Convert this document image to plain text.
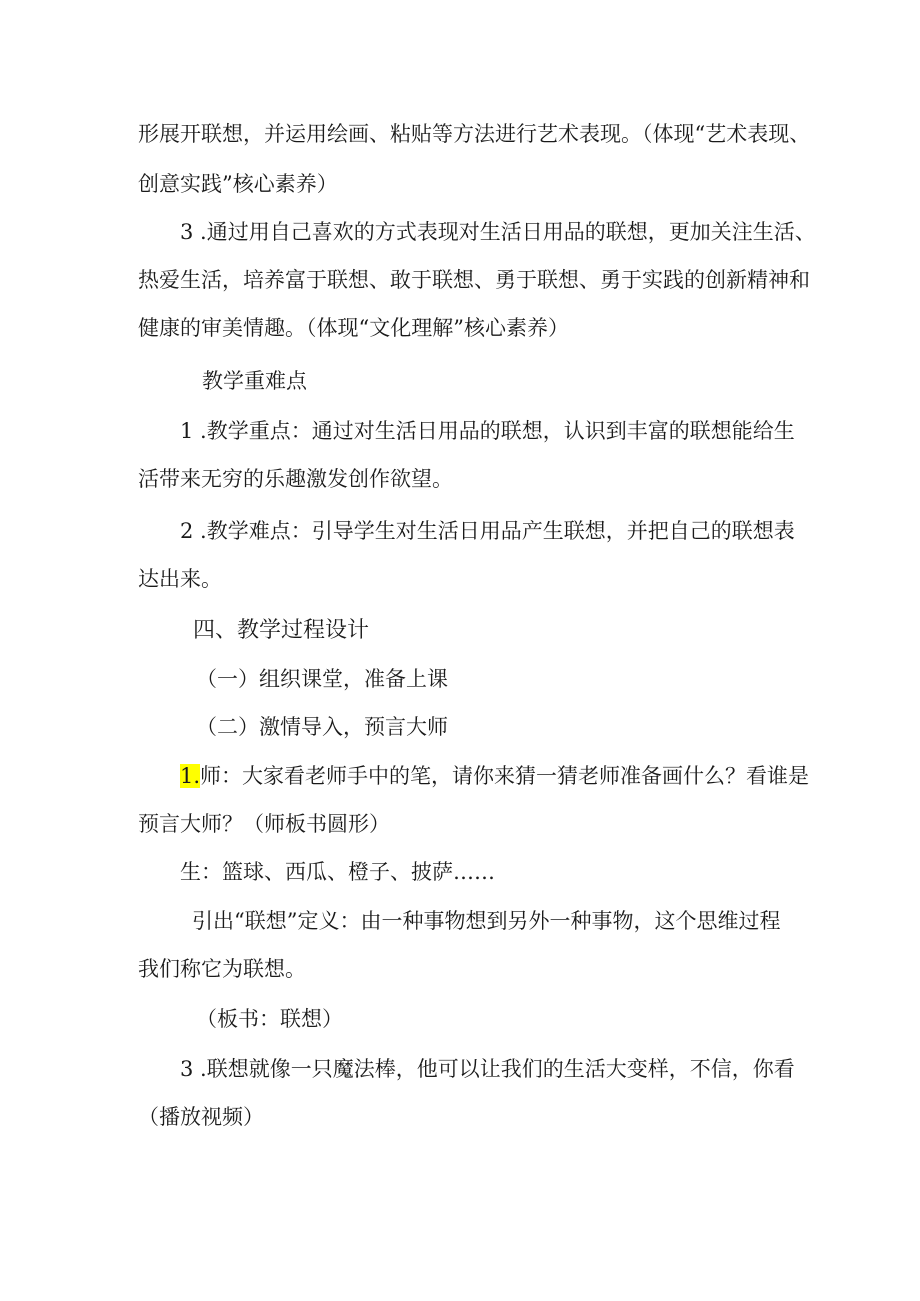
形展开联想，并运用绘画、粘贴等方法进行艺术表现。（体现“艺术表现、
创意实践”核心素养）
3 .通过用自己喜欢的方式表现对生活日用品的联想，更加关注生活、
热爱生活，培养富于联想、敢于联想、勇于联想、勇于实践的创新精神和
健康的审美情趣。（体现“文化理解”核心素养）
教学重难点
1 .教学重点：通过对生活日用品的联想，认识到丰富的联想能给生
活带来无穷的乐趣激发创作欲望。
2 .教学难点：引导学生对生活日用品产生联想，并把自己的联想表
达出来。
四、教学过程设计
（一）组织课堂，准备上课
（二）激情导入，预言大师
1.师：大家看老师手中的笔，请你来猜一猜老师准备画什么？看谁是
预言大师？（师板书圆形）
生：篮球、西瓜、橙子、披萨……
引出“联想”定义：由一种事物想到另外一种事物，这个思维过程
我们称它为联想。
（板书：联想）
3 .联想就像一只魔法棒，他可以让我们的生活大变样，不信，你看
（播放视频）
